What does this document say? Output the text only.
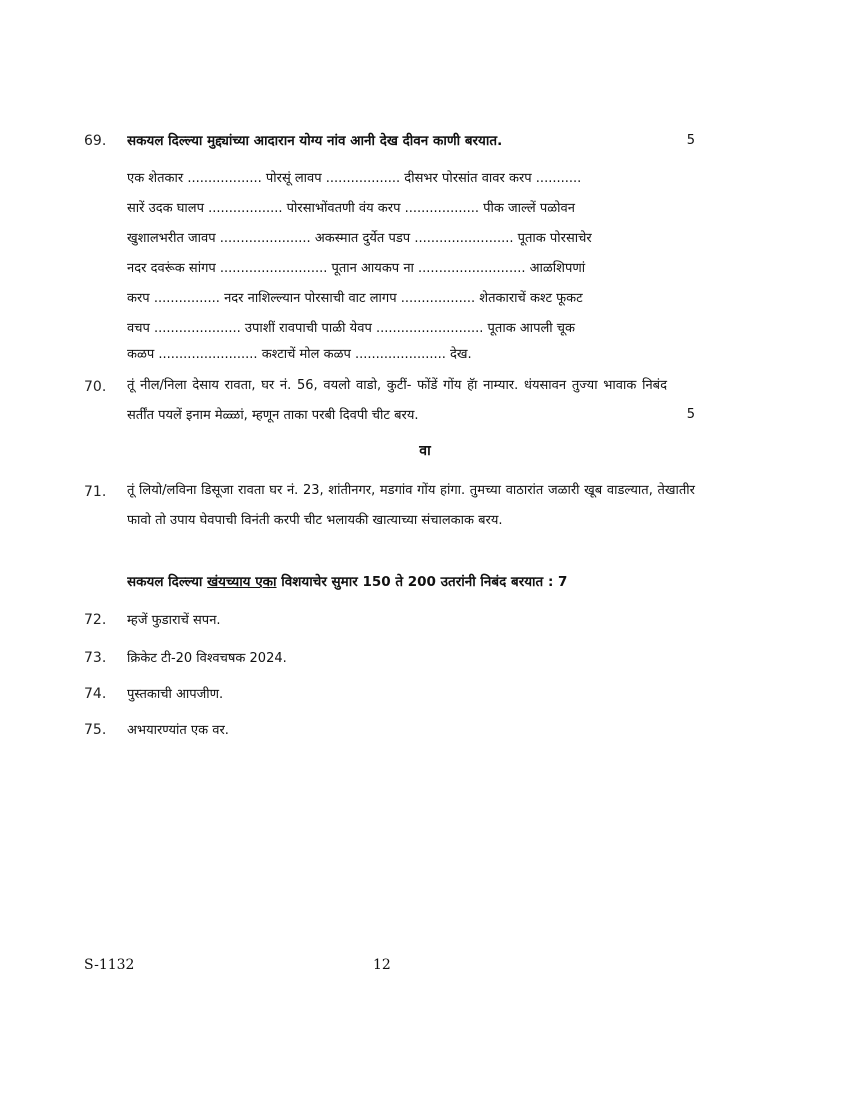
69.	सकयल दिल्ल्या मुद्द्यांच्या आदारान योग्य नांव आनी देख दीवन काणी बरयात.	5
एक शेतकार .................. पोरसूं लावप .................. दीसभर पोरसांत वावर करप ...........
सारें उदक घालप .................. पोरसाभोंवतणी वंय करप .................. पीक जाल्लें पळोवन
खुशालभरीत जावप ...................... अकस्मात दुर्येत पडप ........................ पूताक पोरसाचेर
नदर दवरूंक सांगप .......................... पूतान आयकप ना .......................... आळशिपणां
करप ................ नदर नाशिल्ल्यान पोरसाची वाट लागप .................. शेतकाराचें कश्ट फूकट
वचप ..................... उपाशीं रावपाची पाळी येवप .......................... पूताक आपली चूक
कळप ........................ कश्टाचें मोल कळप ...................... देख.
70.	तूं नील/निला देसाय रावता, घर नं. 56, वयलो वाडो, कुटीं- फोंडें गोंय हॅा नाम्यार. धंयसावन तुज्या भावाक निबंद सर्तींत पयलें इनाम मेळ्ळां, म्हणून ताका परबी दिवपी चीट बरय.	5
वा
71.	तूं लियो/लविना डिसूजा रावता घर नं. 23, शांतीनगर, मडगांव गोंय हांगा. तुमच्या वाठारांत जळारी खूब वाडल्यात, तेखातीर फावो तो उपाय घेवपाची विनंती करपी चीट भलायकी खात्याच्या संचालकाक बरय.
सकयल दिल्ल्या खंयच्याय एका विशयाचेर सुमार 150 ते 200 उतरांनी निबंद बरयात : 7
72.	म्हजें फुडाराचें सपन.
73.	क्रिकेट टी-20 विश्वचषक 2024.
74.	पुस्तकाची आपजीण.
75.	अभयारण्यांत एक वर.
S-1132	12
